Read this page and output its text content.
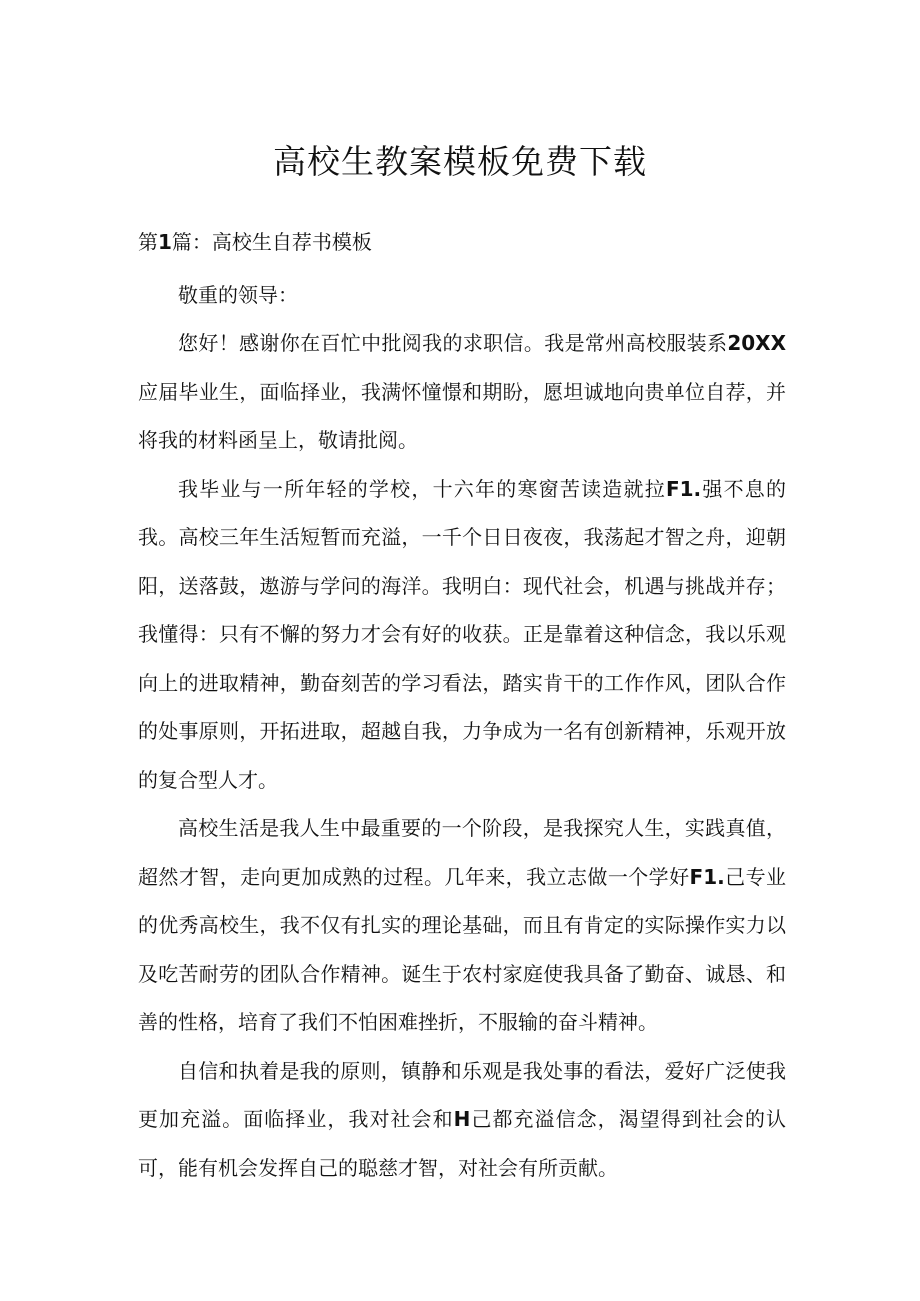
高校生教案模板免费下载

第1篇：高校生自荐书模板

敬重的领导：

您好！感谢你在百忙中批阅我的求职信。我是常州高校服装系20XX应届毕业生，面临择业，我满怀憧憬和期盼，愿坦诚地向贵单位自荐，并将我的材料函呈上，敬请批阅。

我毕业与一所年轻的学校，十六年的寒窗苦读造就拉F1.强不息的我。高校三年生活短暂而充溢，一千个日日夜夜，我荡起才智之舟，迎朝阳，送落鼓，遨游与学问的海洋。我明白：现代社会，机遇与挑战并存；我懂得：只有不懈的努力才会有好的收获。正是靠着这种信念，我以乐观向上的进取精神，勤奋刻苦的学习看法，踏实肯干的工作作风，团队合作的处事原则，开拓进取，超越自我，力争成为一名有创新精神，乐观开放的复合型人才。

高校生活是我人生中最重要的一个阶段，是我探究人生，实践真值，超然才智，走向更加成熟的过程。几年来，我立志做一个学好F1.己专业的优秀高校生，我不仅有扎实的理论基础，而且有肯定的实际操作实力以及吃苦耐劳的团队合作精神。诞生于农村家庭使我具备了勤奋、诚恳、和善的性格，培育了我们不怕困难挫折，不服输的奋斗精神。

自信和执着是我的原则，镇静和乐观是我处事的看法，爱好广泛使我更加充溢。面临择业，我对社会和H己都充溢信念，渴望得到社会的认可，能有机会发挥自己的聪慈才智，对社会有所贡献。
